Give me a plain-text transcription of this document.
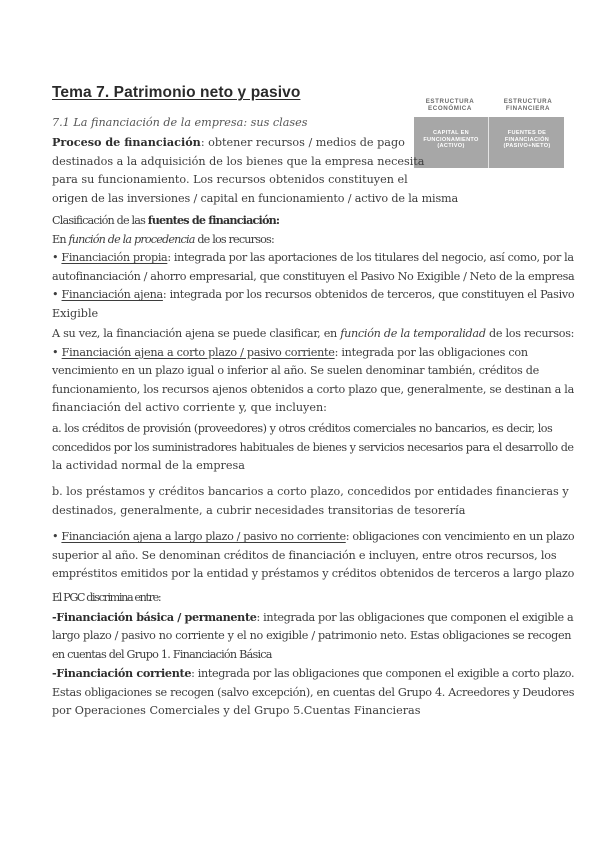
Tema 7. Patrimonio neto y pasivo

7.1 La financiación de la empresa: sus clases

ESTRUCTURA
ECONÓMICA
ESTRUCTURA
FINANCIERA
CAPITAL EN
FUNCIONAMIENTO
(ACTIVO)
FUENTES DE
FINANCIACIÓN
(PASIVO+NETO)
Proceso de financiación: obtener recursos / medios de pago
destinados a la adquisición de los bienes que la empresa necesita
para su funcionamiento. Los recursos obtenidos constituyen el
origen de las inversiones / capital en funcionamiento / activo de la misma
Clasificación de las fuentes de financiación:
En función de la procedencia de los recursos:
• Financiación propia: integrada por las aportaciones de los titulares del negocio, así como, por la
autofinanciación / ahorro empresarial, que constituyen el Pasivo No Exigible / Neto de la empresa
• Financiación ajena: integrada por los recursos obtenidos de terceros, que constituyen el Pasivo
Exigible
A su vez, la financiación ajena se puede clasificar, en función de la temporalidad de los recursos:
• Financiación ajena a corto plazo / pasivo corriente: integrada por las obligaciones con
vencimiento en un plazo igual o inferior al año. Se suelen denominar también, créditos de
funcionamiento, los recursos ajenos obtenidos a corto plazo que, generalmente, se destinan a la
financiación del activo corriente y, que incluyen:
a. los créditos de provisión (proveedores) y otros créditos comerciales no bancarios, es decir, los
concedidos por los suministradores habituales de bienes y servicios necesarios para el desarrollo de
la actividad normal de la empresa
b. los préstamos y créditos bancarios a corto plazo, concedidos por entidades financieras y
destinados, generalmente, a cubrir necesidades transitorias de tesorería
• Financiación ajena a largo plazo / pasivo no corriente: obligaciones con vencimiento en un plazo
superior al año. Se denominan créditos de financiación e incluyen, entre otros recursos, los
empréstitos emitidos por la entidad y préstamos y créditos obtenidos de terceros a largo plazo
El PGC discrimina entre:
-Financiación básica / permanente: integrada por las obligaciones que componen el exigible a
largo plazo / pasivo no corriente y el no exigible / patrimonio neto. Estas obligaciones se recogen
en cuentas del Grupo 1. Financiación Básica
-Financiación corriente: integrada por las obligaciones que componen el exigible a corto plazo.
Estas obligaciones se recogen (salvo excepción), en cuentas del Grupo 4. Acreedores y Deudores
por Operaciones Comerciales y del Grupo 5.Cuentas Financieras
